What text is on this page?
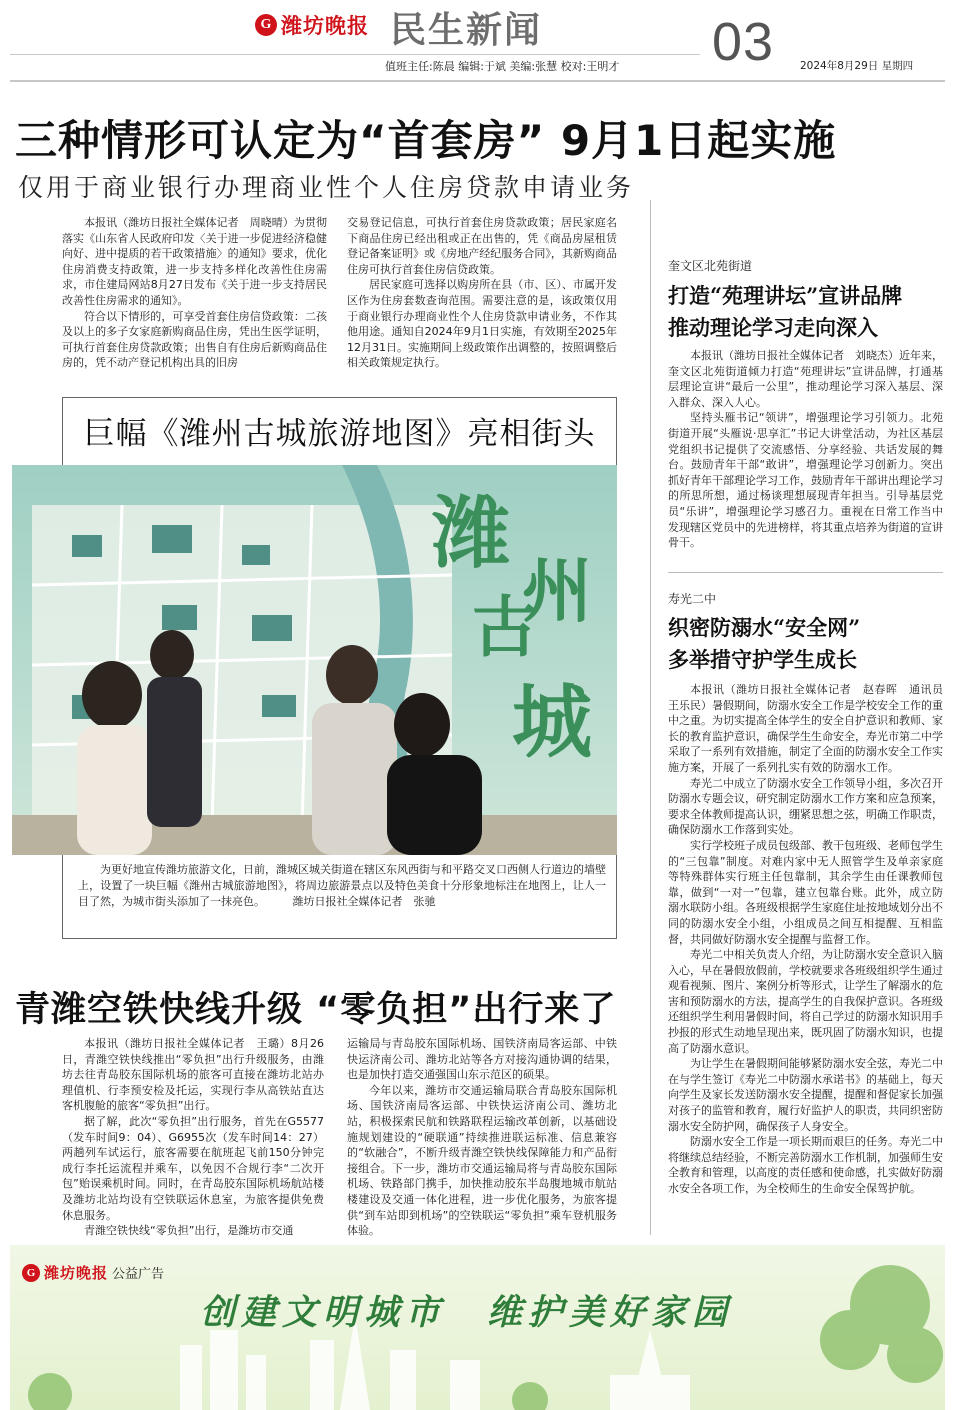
G 潍坊晚报 民生新闻	03
值班主任:陈晨 编辑:于斌 美编:张慧 校对:王明才	2024年8月29日 星期四
三种情形可认定为“首套房” 9月1日起实施
仅用于商业银行办理商业性个人住房贷款申请业务

本报讯（潍坊日报社全媒体记者　周晓晴）为贯彻落实《山东省人民政府印发〈关于进一步促进经济稳健向好、进中提质的若干政策措施〉的通知》要求，优化住房消费支持政策，进一步支持多样化改善性住房需求，市住建局网站8月27日发布《关于进一步支持居民改善性住房需求的通知》。

符合以下情形的，可享受首套住房信贷政策：二孩及以上的多子女家庭新购商品住房，凭出生医学证明，可执行首套住房贷款政策；出售自有住房后新购商品住房的，凭不动产登记机构出具的旧房

交易登记信息，可执行首套住房贷款政策；居民家庭名下商品住房已经出租或正在出售的，凭《商品房屋租赁登记备案证明》或《房地产经纪服务合同》，其新购商品住房可执行首套住房信贷政策。

居民家庭可选择以购房所在县（市、区）、市属开发区作为住房套数查询范围。需要注意的是，该政策仅用于商业银行办理商业性个人住房贷款申请业务，不作其他用途。通知自2024年9月1日实施，有效期至2025年12月31日。实施期间上级政策作出调整的，按照调整后相关政策规定执行。

巨幅《潍州古城旅游地图》亮相街头
潍
州
古
城

为更好地宣传潍坊旅游文化，日前，潍城区城关街道在辖区东风西街与和平路交叉口西侧人行道边的墙壁上，设置了一块巨幅《潍州古城旅游地图》，将周边旅游景点以及特色美食十分形象地标注在地图上，让人一目了然，为城市街头添加了一抹亮色。　　　潍坊日报社全媒体记者　张驰

青潍空铁快线升级 “零负担”出行来了

本报讯（潍坊日报社全媒体记者　王璐）8月26日，青潍空铁快线推出“零负担”出行升级服务，由潍坊去往青岛胶东国际机场的旅客可直接在潍坊北站办理值机、行李预安检及托运，实现行李从高铁站直达客机腹舱的旅客“零负担”出行。

据了解，此次“零负担”出行服务，首先在G5577（发车时间9：04）、G6955次（发车时间14：27）两趟列车试运行，旅客需要在航班起飞前150分钟完成行李托运流程并乘车，以免因不合规行李“二次开包”贻误乘机时间。同时，在青岛胶东国际机场航站楼及潍坊北站均设有空铁联运休息室，为旅客提供免费休息服务。

青潍空铁快线“零负担”出行，是潍坊市交通

运输局与青岛胶东国际机场、国铁济南局客运部、中铁快运济南公司、潍坊北站等各方对接沟通协调的结果，也是加快打造交通强国山东示范区的硕果。

今年以来，潍坊市交通运输局联合青岛胶东国际机场、国铁济南局客运部、中铁快运济南公司、潍坊北站，积极探索民航和铁路联程运输改革创新，以基础设施规划建设的“硬联通”持续推进联运标准、信息兼容的“软融合”，不断升级青潍空铁快线保障能力和产品衔接组合。下一步，潍坊市交通运输局将与青岛胶东国际机场、铁路部门携手，加快推动胶东半岛腹地城市航站楼建设及交通一体化进程，进一步优化服务，为旅客提供“到车站即到机场”的空铁联运“零负担”乘车登机服务体验。

奎文区北苑街道
打造“苑理讲坛”宣讲品牌
推动理论学习走向深入

本报讯（潍坊日报社全媒体记者　刘晓杰）近年来，奎文区北苑街道倾力打造“苑理讲坛”宣讲品牌，打通基层理论宣讲“最后一公里”，推动理论学习深入基层、深入群众、深入人心。

坚持头雁书记“领讲”，增强理论学习引领力。北苑街道开展“头雁说·思享汇”书记大讲堂活动，为社区基层党组织书记提供了交流感悟、分享经验、共话发展的舞台。鼓励青年干部“敢讲”，增强理论学习创新力。突出抓好青年干部理论学习工作，鼓励青年干部讲出理论学习的所思所想，通过杨谈理想展现青年担当。引导基层党员“乐讲”，增强理论学习感召力。重视在日常工作当中发现辖区党员中的先进榜样，将其重点培养为街道的宣讲骨干。

寿光二中
织密防溺水“安全网”
多举措守护学生成长

本报讯（潍坊日报社全媒体记者　赵春晖　通讯员　王乐民）暑假期间，防溺水安全工作是学校安全工作的重中之重。为切实提高全体学生的安全自护意识和教师、家长的教育监护意识，确保学生生命安全，寿光市第二中学采取了一系列有效措施，制定了全面的防溺水安全工作实施方案，开展了一系列扎实有效的防溺水工作。

寿光二中成立了防溺水安全工作领导小组，多次召开防溺水专题会议，研究制定防溺水工作方案和应急预案，要求全体教师提高认识，绷紧思想之弦，明确工作职责，确保防溺水工作落到实处。

实行学校班子成员包级部、教干包班级、老师包学生的“三包靠”制度。对难内家中无人照管学生及单亲家庭等特殊群体实行班主任包靠制，其余学生由任课教师包靠，做到“一对一”包靠，建立包靠台账。此外，成立防溺水联防小组。各班级根据学生家庭住址按地域划分出不同的防溺水安全小组，小组成员之间互相提醒、互相监督，共同做好防溺水安全提醒与监督工作。

寿光二中相关负责人介绍，为让防溺水安全意识入脑入心，早在暑假放假前，学校就要求各班级组织学生通过观看视频、图片、案例分析等形式，让学生了解溺水的危害和预防溺水的方法，提高学生的自我保护意识。各班级还组织学生利用暑假时间，将自己学过的防溺水知识用手抄报的形式生动地呈现出来，既巩固了防溺水知识，也提高了防溺水意识。

为让学生在暑假期间能够紧防溺水安全弦，寿光二中在与学生签订《寿光二中防溺水承诺书》的基础上，每天向学生及家长发送防溺水安全提醒，提醒和督促家长加强对孩子的监管和教育，履行好监护人的职责，共同织密防溺水安全防护网，确保孩子人身安全。

防溺水安全工作是一项长期而艰巨的任务。寿光二中将继续总结经验，不断完善防溺水工作机制，加强师生安全教育和管理，以高度的责任感和使命感，扎实做好防溺水安全各项工作，为全校师生的生命安全保驾护航。

G 潍坊晚报 公益广告
创建文明城市　维护美好家园
